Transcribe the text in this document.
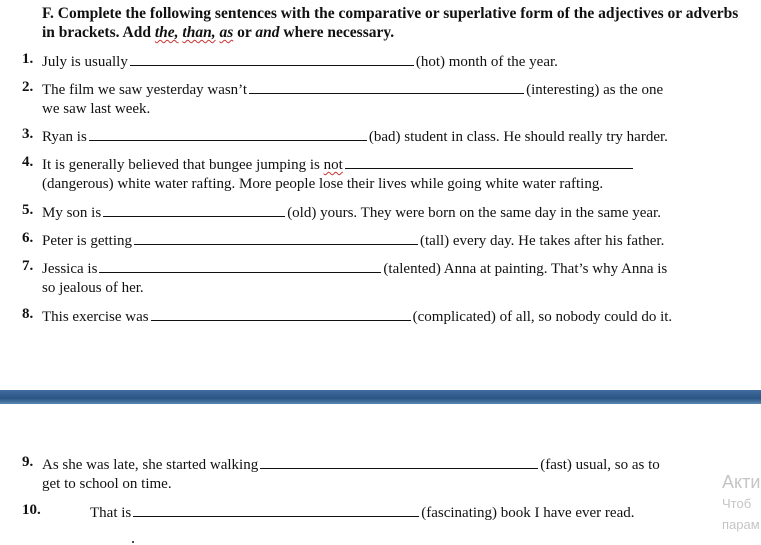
F. Complete the following sentences with the comparative or superlative form of the adjectives or adverbs in brackets. Add the, than, as or and where necessary.
1. July is usually	(hot) month of the year.
2. The film we saw yesterday wasn’t	(interesting) as the one
we saw last week.
3. Ryan is	(bad) student in class. He should really try harder.
4. It is generally believed that bungee jumping is not
(dangerous) white water rafting. More people lose their lives while going white water rafting.
5. My son is	(old) yours. They were born on the same day in the same year.
6. Peter is getting	(tall) every day. He takes after his father.
7. Jessica is	(talented) Anna at painting. That’s why Anna is
so jealous of her.
8. This exercise was	(complicated) of all, so nobody could do it.
9. As she was late, she started walking	(fast) usual, so as to
get to school on time.
10.	That is	(fascinating) book I have ever read.
Акти
Чтоб
парам
